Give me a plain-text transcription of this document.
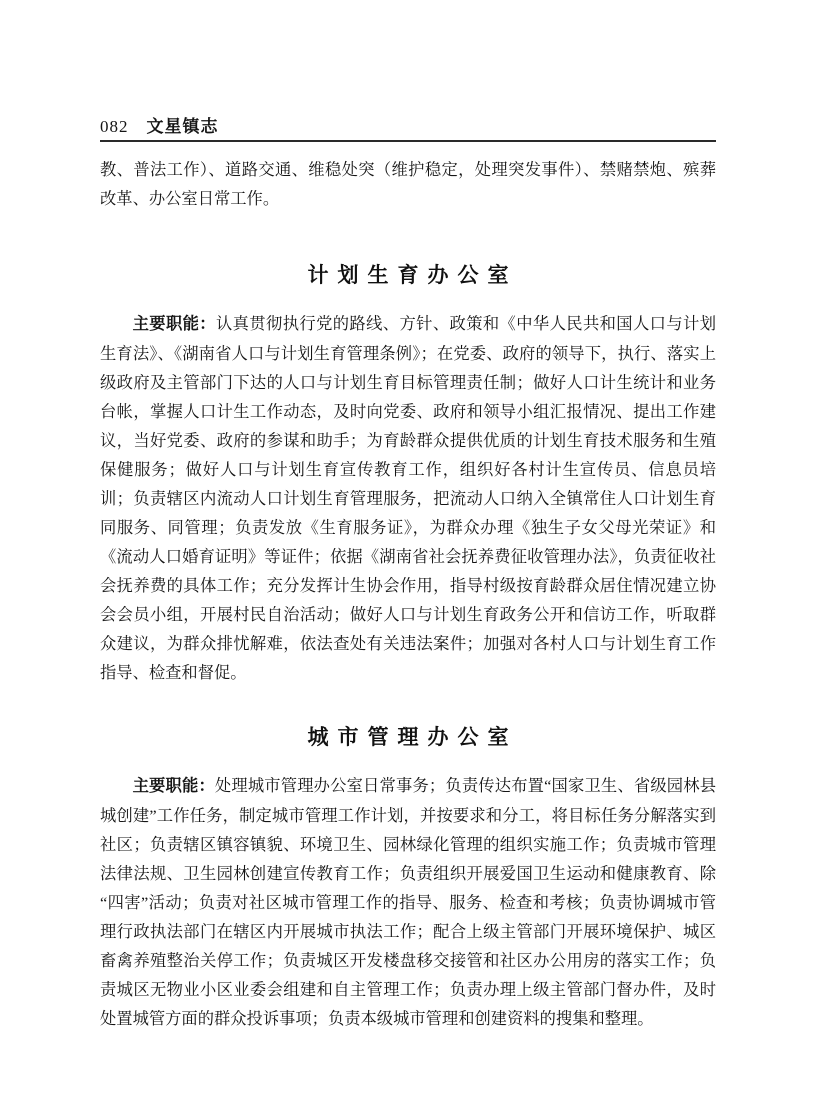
082 文星镇志

教、普法工作）、道路交通、维稳处突（维护稳定，处理突发事件）、禁赌禁炮、殡葬改革、办公室日常工作。

计划生育办公室

主要职能：认真贯彻执行党的路线、方针、政策和《中华人民共和国人口与计划生育法》、《湖南省人口与计划生育管理条例》；在党委、政府的领导下，执行、落实上级政府及主管部门下达的人口与计划生育目标管理责任制；做好人口计生统计和业务台帐，掌握人口计生工作动态，及时向党委、政府和领导小组汇报情况、提出工作建议，当好党委、政府的参谋和助手；为育龄群众提供优质的计划生育技术服务和生殖保健服务；做好人口与计划生育宣传教育工作，组织好各村计生宣传员、信息员培训；负责辖区内流动人口计划生育管理服务，把流动人口纳入全镇常住人口计划生育同服务、同管理；负责发放《生育服务证》，为群众办理《独生子女父母光荣证》和《流动人口婚育证明》等证件；依据《湖南省社会抚养费征收管理办法》，负责征收社会抚养费的具体工作；充分发挥计生协会作用，指导村级按育龄群众居住情况建立协会会员小组，开展村民自治活动；做好人口与计划生育政务公开和信访工作，听取群众建议，为群众排忧解难，依法查处有关违法案件；加强对各村人口与计划生育工作指导、检查和督促。

城市管理办公室

主要职能：处理城市管理办公室日常事务；负责传达布置“国家卫生、省级园林县城创建”工作任务，制定城市管理工作计划，并按要求和分工，将目标任务分解落实到社区；负责辖区镇容镇貌、环境卫生、园林绿化管理的组织实施工作；负责城市管理法律法规、卫生园林创建宣传教育工作；负责组织开展爱国卫生运动和健康教育、除“四害”活动；负责对社区城市管理工作的指导、服务、检查和考核；负责协调城市管理行政执法部门在辖区内开展城市执法工作；配合上级主管部门开展环境保护、城区畜禽养殖整治关停工作；负责城区开发楼盘移交接管和社区办公用房的落实工作；负责城区无物业小区业委会组建和自主管理工作；负责办理上级主管部门督办件，及时处置城管方面的群众投诉事项；负责本级城市管理和创建资料的搜集和整理。
